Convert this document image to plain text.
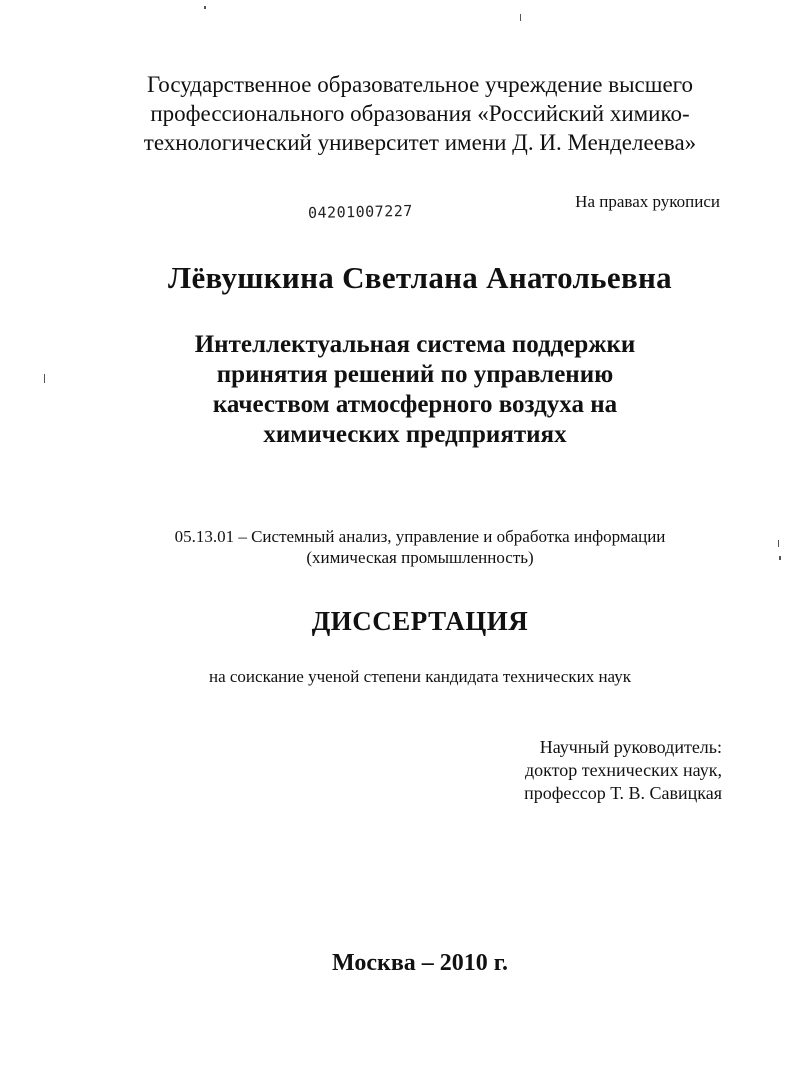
Государственное образовательное учреждение высшего
профессионального образования «Российский химико-
технологический университет имени Д. И. Менделеева»
На правах рукописи
04201007227
Лёвушкина Светлана Анатольевна
Интеллектуальная система поддержки
принятия решений по управлению
качеством атмосферного воздуха на
химических предприятиях
05.13.01 – Системный анализ, управление и обработка информации
(химическая промышленность)
ДИССЕРТАЦИЯ
на соискание ученой степени кандидата технических наук
Научный руководитель:
доктор технических наук,
профессор Т. В. Савицкая
Москва – 2010 г.
